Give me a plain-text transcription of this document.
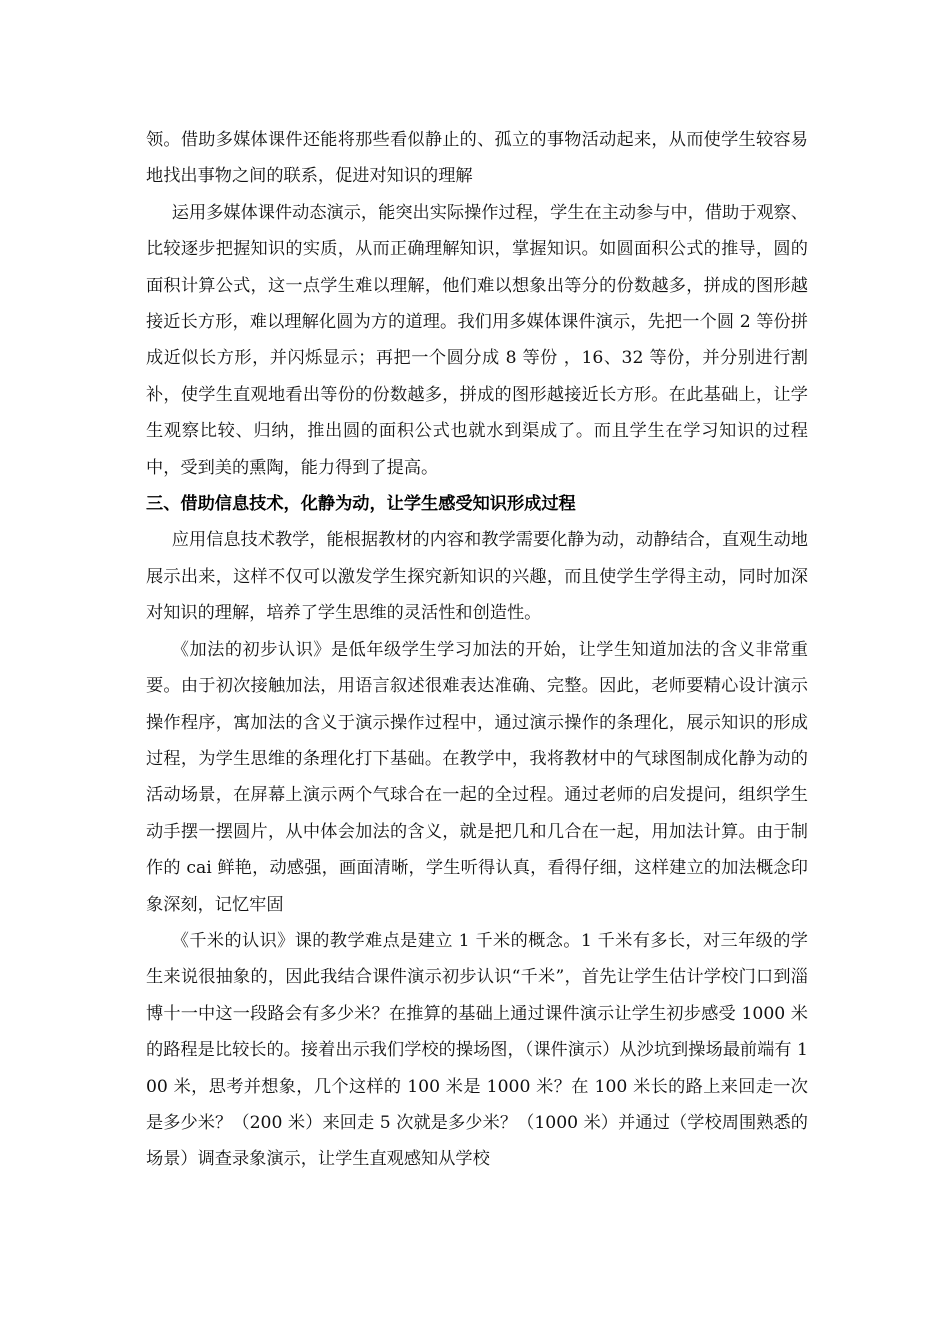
领。借助多媒体课件还能将那些看似静止的、孤立的事物活动起来，从而使学生较容易地找出事物之间的联系，促进对知识的理解

运用多媒体课件动态演示，能突出实际操作过程，学生在主动参与中，借助于观察、比较逐步把握知识的实质，从而正确理解知识，掌握知识。如圆面积公式的推导，圆的面积计算公式，这一点学生难以理解，他们难以想象出等分的份数越多，拼成的图形越接近长方形，难以理解化圆为方的道理。我们用多媒体课件演示，先把一个圆 2 等份拼成近似长方形，并闪烁显示；再把一个圆分成 8 等份 ，16、32 等份，并分别进行割补，使学生直观地看出等份的份数越多，拼成的图形越接近长方形。在此基础上，让学生观察比较、归纳，推出圆的面积公式也就水到渠成了。而且学生在学习知识的过程中，受到美的熏陶，能力得到了提高。

三、借助信息技术，化静为动，让学生感受知识形成过程

应用信息技术教学，能根据教材的内容和教学需要化静为动，动静结合，直观生动地展示出来，这样不仅可以激发学生探究新知识的兴趣，而且使学生学得主动，同时加深对知识的理解，培养了学生思维的灵活性和创造性。

《加法的初步认识》是低年级学生学习加法的开始，让学生知道加法的含义非常重要。由于初次接触加法，用语言叙述很难表达准确、完整。因此，老师要精心设计演示操作程序，寓加法的含义于演示操作过程中，通过演示操作的条理化，展示知识的形成过程，为学生思维的条理化打下基础。在教学中，我将教材中的气球图制成化静为动的活动场景，在屏幕上演示两个气球合在一起的全过程。通过老师的启发提问，组织学生动手摆一摆圆片，从中体会加法的含义，就是把几和几合在一起，用加法计算。由于制作的 cai 鲜艳，动感强，画面清晰，学生听得认真，看得仔细，这样建立的加法概念印象深刻，记忆牢固

《千米的认识》课的教学难点是建立 1 千米的概念。1 千米有多长，对三年级的学生来说很抽象的，因此我结合课件演示初步认识“千米”，首先让学生估计学校门口到淄博十一中这一段路会有多少米？在推算的基础上通过课件演示让学生初步感受 1000 米的路程是比较长的。接着出示我们学校的操场图，（课件演示）从沙坑到操场最前端有 100 米，思考并想象，几个这样的 100 米是 1000 米？在 100 米长的路上来回走一次是多少米？（200 米）来回走 5 次就是多少米？（1000 米）并通过（学校周围熟悉的场景）调查录象演示，让学生直观感知从学校
